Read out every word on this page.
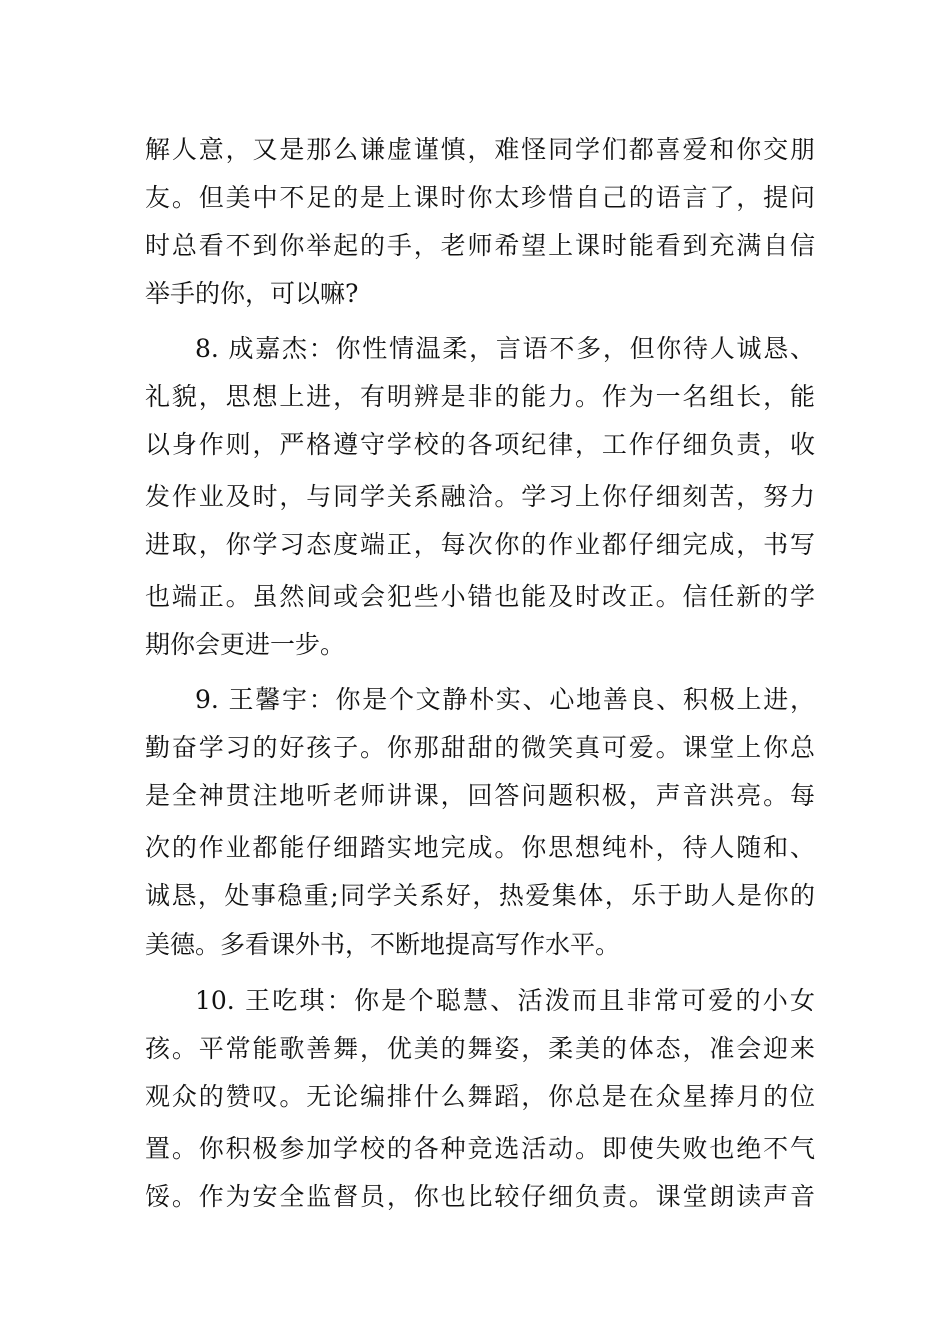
解人意，又是那么谦虚谨慎，难怪同学们都喜爱和你交朋
友。但美中不足的是上课时你太珍惜自己的语言了，提问
时总看不到你举起的手，老师希望上课时能看到充满自信
举手的你，可以嘛?
8. 成嘉杰：你性情温柔，言语不多，但你待人诚恳、
礼貌，思想上进，有明辨是非的能力。作为一名组长，能
以身作则，严格遵守学校的各项纪律，工作仔细负责，收
发作业及时，与同学关系融洽。学习上你仔细刻苦，努力
进取，你学习态度端正，每次你的作业都仔细完成，书写
也端正。虽然间或会犯些小错也能及时改正。信任新的学
期你会更进一步。
9. 王馨宇：你是个文静朴实、心地善良、积极上进，
勤奋学习的好孩子。你那甜甜的微笑真可爱。课堂上你总
是全神贯注地听老师讲课，回答问题积极，声音洪亮。每
次的作业都能仔细踏实地完成。你思想纯朴，待人随和、
诚恳，处事稳重;同学关系好，热爱集体，乐于助人是你的
美德。多看课外书，不断地提高写作水平。
10. 王吃琪：你是个聪慧、活泼而且非常可爱的小女
孩。平常能歌善舞，优美的舞姿，柔美的体态，准会迎来
观众的赞叹。无论编排什么舞蹈，你总是在众星捧月的位
置。你积极参加学校的各种竞选活动。即使失败也绝不气
馁。作为安全监督员，你也比较仔细负责。课堂朗读声音
